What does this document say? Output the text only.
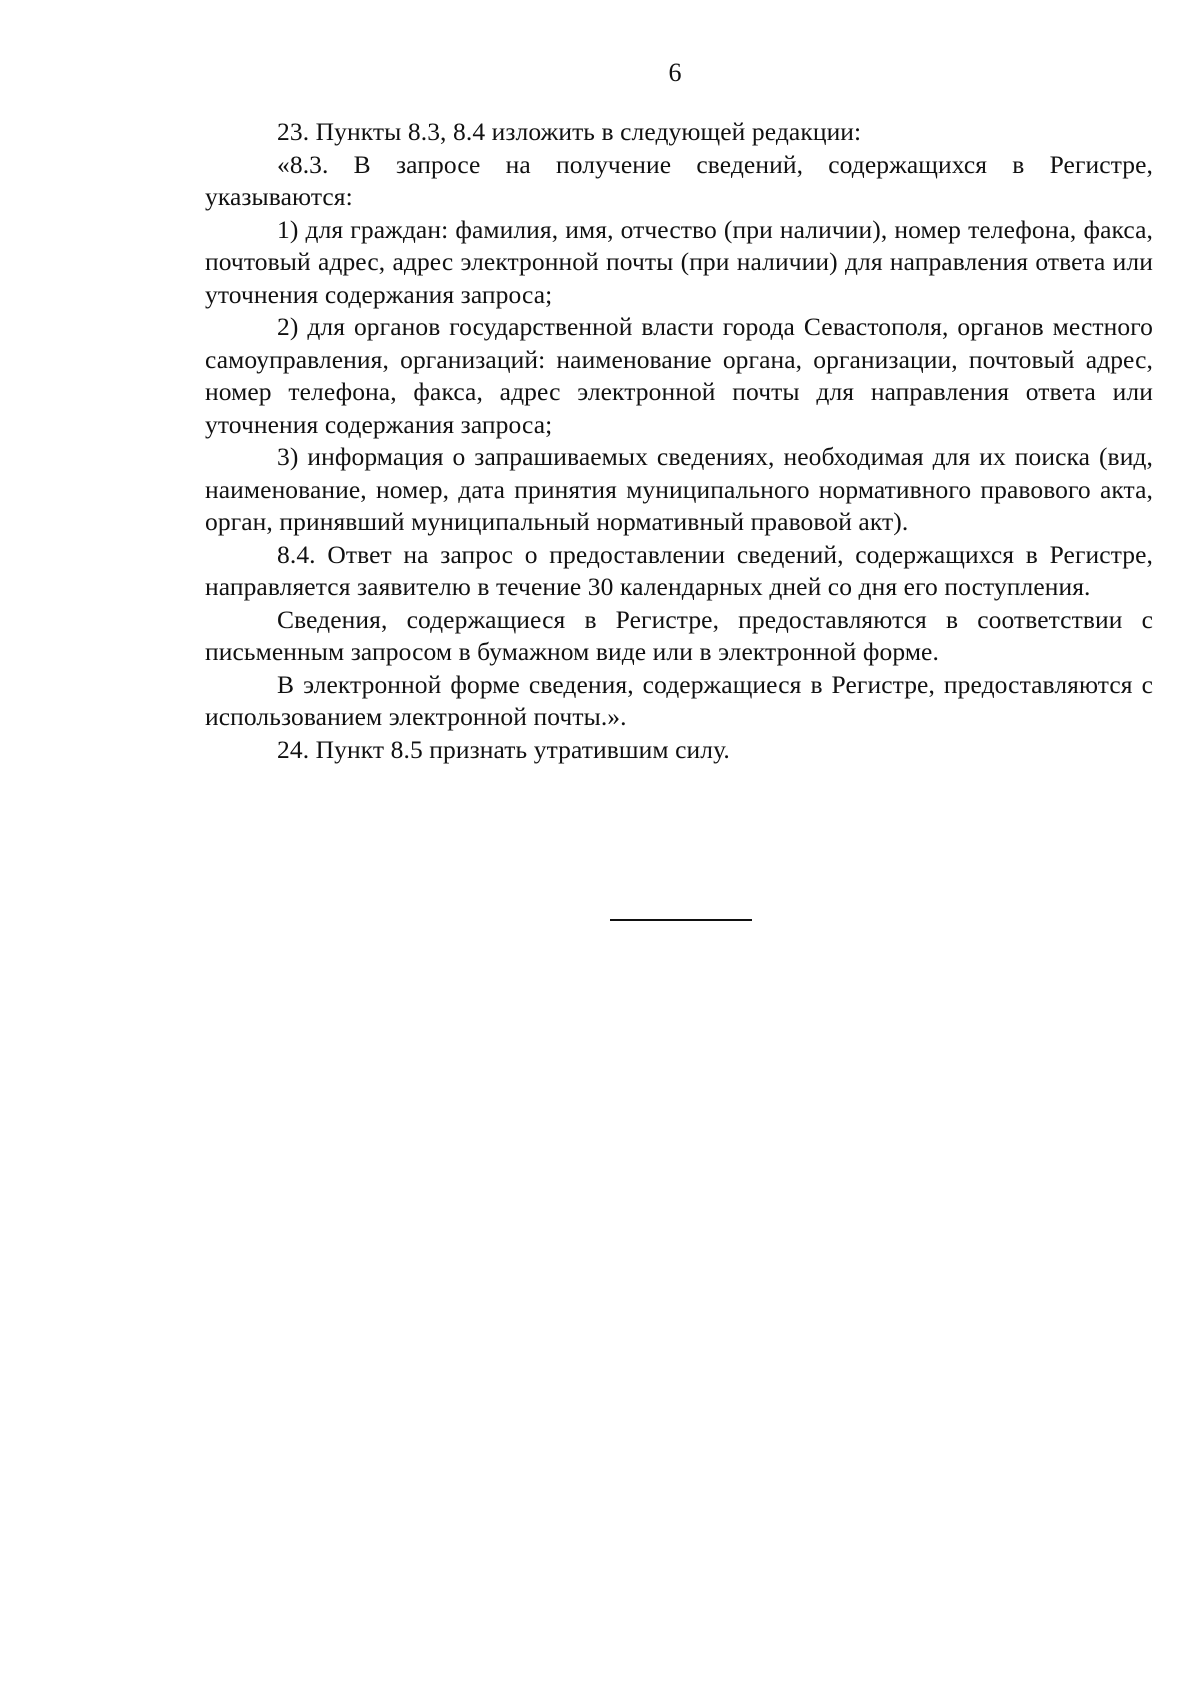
6

23. Пункты 8.3, 8.4 изложить в следующей редакции:

«8.3. В запросе на получение сведений, содержащихся в Регистре, указываются:

1) для граждан: фамилия, имя, отчество (при наличии), номер телефона, факса, почтовый адрес, адрес электронной почты (при наличии) для направления ответа или уточнения содержания запроса;

2) для органов государственной власти города Севастополя, органов местного самоуправления, организаций: наименование органа, организации, почтовый адрес, номер телефона, факса, адрес электронной почты для направления ответа или уточнения содержания запроса;

3) информация о запрашиваемых сведениях, необходимая для их поиска (вид, наименование, номер, дата принятия муниципального нормативного правового акта, орган, принявший муниципальный нормативный правовой акт).

8.4. Ответ на запрос о предоставлении сведений, содержащихся в Регистре, направляется заявителю в течение 30 календарных дней со дня его поступления.

Сведения, содержащиеся в Регистре, предоставляются в соответствии с письменным запросом в бумажном виде или в электронной форме.

В электронной форме сведения, содержащиеся в Регистре, предоставляются с использованием электронной почты.».

24. Пункт 8.5 признать утратившим силу.
